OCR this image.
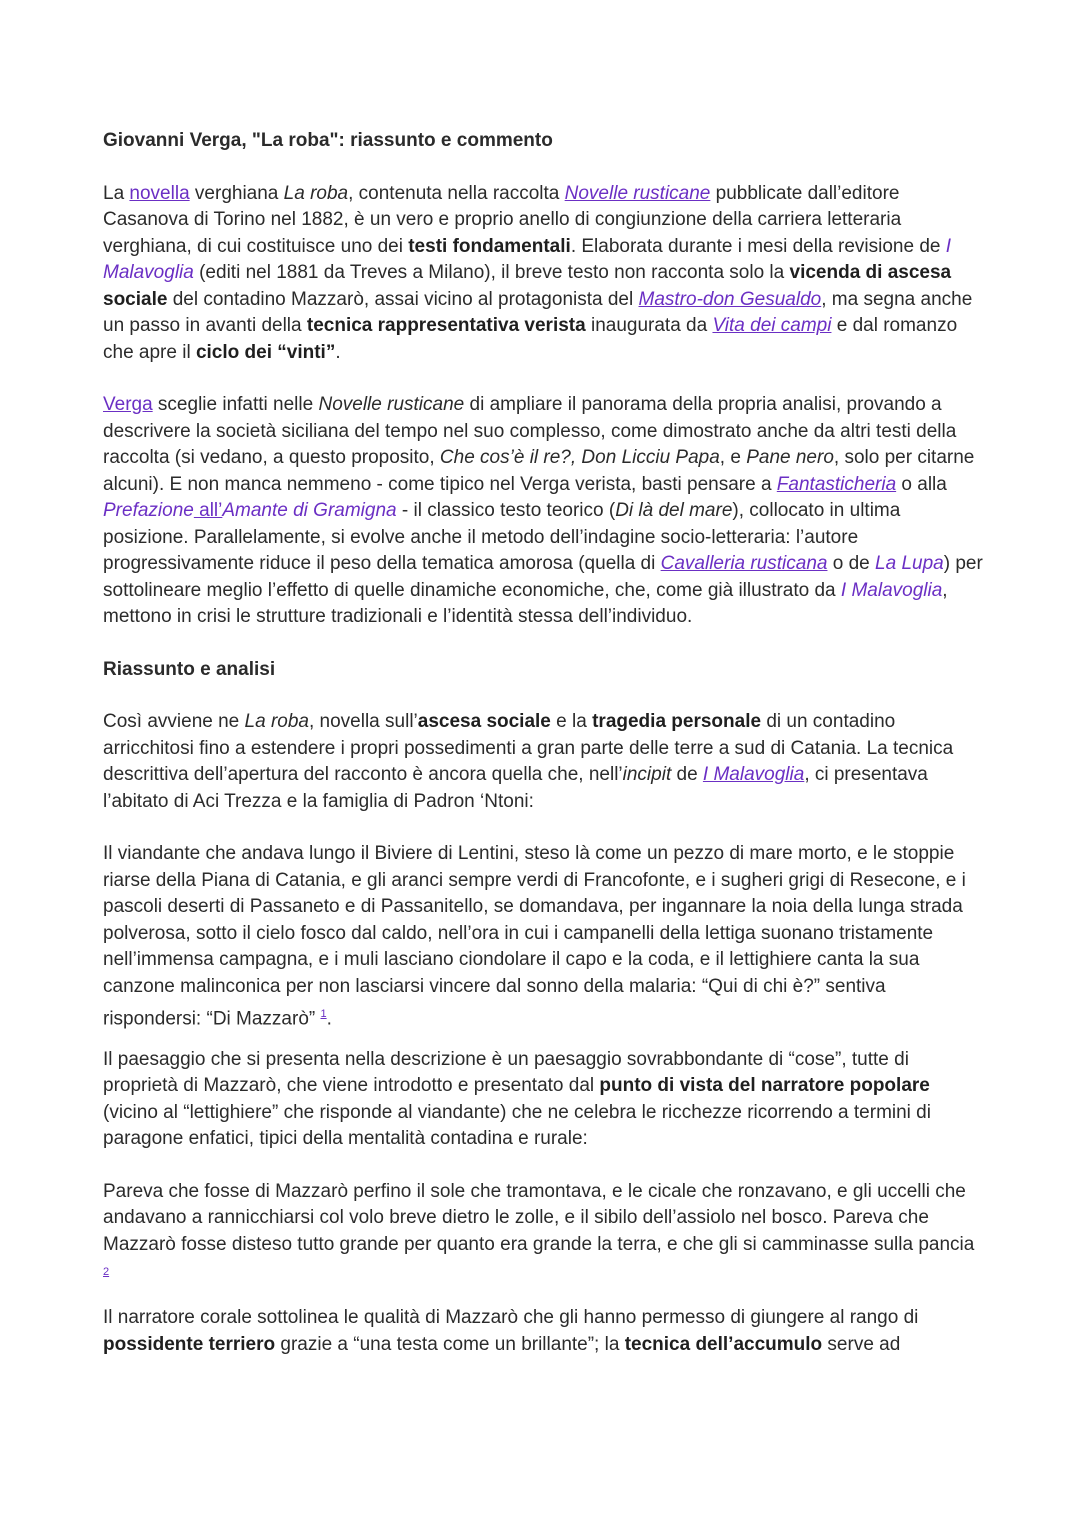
Giovanni Verga, "La roba": riassunto e commento

La novella verghiana La roba, contenuta nella raccolta Novelle rusticane pubblicate dall’editore Casanova di Torino nel 1882, è un vero e proprio anello di congiunzione della carriera letteraria verghiana, di cui costituisce uno dei testi fondamentali. Elaborata durante i mesi della revisione de I Malavoglia (editi nel 1881 da Treves a Milano), il breve testo non racconta solo la vicenda di ascesa sociale del contadino Mazzarò, assai vicino al protagonista del Mastro-don Gesualdo, ma segna anche un passo in avanti della tecnica rappresentativa verista inaugurata da Vita dei campi e dal romanzo che apre il ciclo dei “vinti”.

Verga sceglie infatti nelle Novelle rusticane di ampliare il panorama della propria analisi, provando a descrivere la società siciliana del tempo nel suo complesso, come dimostrato anche da altri testi della raccolta (si vedano, a questo proposito, Che cos’è il re?, Don Licciu Papa, e Pane nero, solo per citarne alcuni). E non manca nemmeno - come tipico nel Verga verista, basti pensare a Fantasticheria o alla Prefazione all’Amante di Gramigna - il classico testo teorico (Di là del mare), collocato in ultima posizione. Parallelamente, si evolve anche il metodo dell’indagine socio-letteraria: l’autore progressivamente riduce il peso della tematica amorosa (quella di Cavalleria rusticana o de La Lupa) per sottolineare meglio l’effetto di quelle dinamiche economiche, che, come già illustrato da I Malavoglia, mettono in crisi le strutture tradizionali e l’identità stessa dell’individuo.

Riassunto e analisi

Così avviene ne La roba, novella sull’ascesa sociale e la tragedia personale di un contadino arricchitosi fino a estendere i propri possedimenti a gran parte delle terre a sud di Catania. La tecnica descrittiva dell’apertura del racconto è ancora quella che, nell’incipit de I Malavoglia, ci presentava l’abitato di Aci Trezza e la famiglia di Padron ‘Ntoni:

Il viandante che andava lungo il Biviere di Lentini, steso là come un pezzo di mare morto, e le stoppie riarse della Piana di Catania, e gli aranci sempre verdi di Francofonte, e i sugheri grigi di Resecone, e i pascoli deserti di Passaneto e di Passanitello, se domandava, per ingannare la noia della lunga strada polverosa, sotto il cielo fosco dal caldo, nell’ora in cui i campanelli della lettiga suonano tristamente nell’immensa campagna, e i muli lasciano ciondolare il capo e la coda, e il lettighiere canta la sua canzone malinconica per non lasciarsi vincere dal sonno della malaria: “Qui di chi è?” sentiva rispondersi: “Di Mazzarò” $^1$.

Il paesaggio che si presenta nella descrizione è un paesaggio sovrabbondante di “cose”, tutte di proprietà di Mazzarò, che viene introdotto e presentato dal punto di vista del narratore popolare (vicino al “lettighiere” che risponde al viandante) che ne celebra le ricchezze ricorrendo a termini di paragone enfatici, tipici della mentalità contadina e rurale:

Pareva che fosse di Mazzarò perfino il sole che tramontava, e le cicale che ronzavano, e gli uccelli che andavano a rannicchiarsi col volo breve dietro le zolle, e il sibilo dell’assiolo nel bosco. Pareva che Mazzarò fosse disteso tutto grande per quanto era grande la terra, e che gli si camminasse sulla pancia $^2$

Il narratore corale sottolinea le qualità di Mazzarò che gli hanno permesso di giungere al rango di possidente terriero grazie a “una testa come un brillante”; la tecnica dell’accumulo serve ad
